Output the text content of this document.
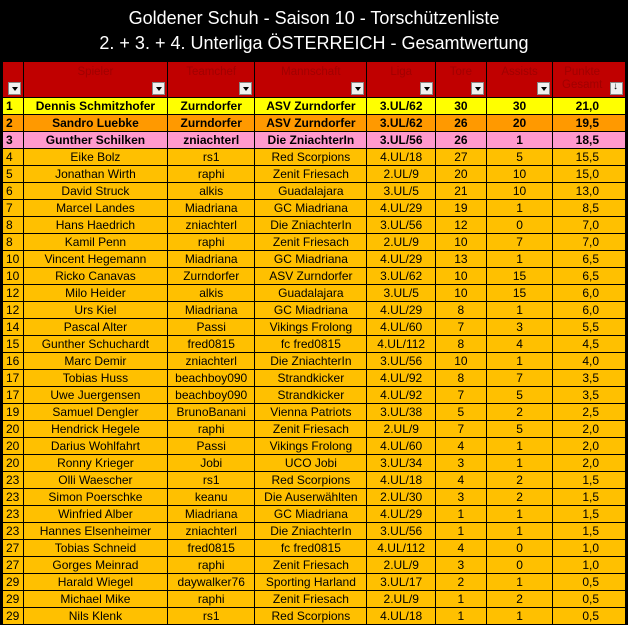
Goldener Schuh - Saison 10 - Torschützenliste
2. + 3. + 4. Unterliga ÖSTERREICH - Gesamtwertung

	Spieler	Teamchef	Mannschaft	Liga	Tore	Assists	Punkte Gesamt
↓

1	Dennis Schmitzhofer	Zurndorfer	ASV Zurndorfer	3.UL/62	30	30	21,0
2	Sandro Luebke	Zurndorfer	ASV Zurndorfer	3.UL/62	26	20	19,5
3	Gunther Schilken	zniachterl	Die ZniachterIn	3.UL/56	26	1	18,5
4	Eike Bolz	rs1	Red Scorpions	4.UL/18	27	5	15,5
5	Jonathan Wirth	raphi	Zenit Friesach	2.UL/9	20	10	15,0
6	David Struck	alkis	Guadalajara	3.UL/5	21	10	13,0
7	Marcel Landes	Miadriana	GC Miadriana	4.UL/29	19	1	8,5
8	Hans Haedrich	zniachterl	Die ZniachterIn	3.UL/56	12	0	7,0
8	Kamil Penn	raphi	Zenit Friesach	2.UL/9	10	7	7,0
10	Vincent Hegemann	Miadriana	GC Miadriana	4.UL/29	13	1	6,5
10	Ricko Canavas	Zurndorfer	ASV Zurndorfer	3.UL/62	10	15	6,5
12	Milo Heider	alkis	Guadalajara	3.UL/5	10	15	6,0
12	Urs Kiel	Miadriana	GC Miadriana	4.UL/29	8	1	6,0
14	Pascal Alter	Passi	Vikings Frolong	4.UL/60	7	3	5,5
15	Gunther Schuchardt	fred0815	fc fred0815	4.UL/112	8	4	4,5
16	Marc Demir	zniachterl	Die ZniachterIn	3.UL/56	10	1	4,0
17	Tobias Huss	beachboy090	Strandkicker	4.UL/92	8	7	3,5
17	Uwe Juergensen	beachboy090	Strandkicker	4.UL/92	7	5	3,5
19	Samuel Dengler	BrunoBanani	Vienna Patriots	3.UL/38	5	2	2,5
20	Hendrick Hegele	raphi	Zenit Friesach	2.UL/9	7	5	2,0
20	Darius Wohlfahrt	Passi	Vikings Frolong	4.UL/60	4	1	2,0
20	Ronny Krieger	Jobi	UCO Jobi	3.UL/34	3	1	2,0
23	Olli Waescher	rs1	Red Scorpions	4.UL/18	4	2	1,5
23	Simon Poerschke	keanu	Die Auserwählten	2.UL/30	3	2	1,5
23	Winfried Alber	Miadriana	GC Miadriana	4.UL/29	1	1	1,5
23	Hannes Elsenheimer	zniachterl	Die ZniachterIn	3.UL/56	1	1	1,5
27	Tobias Schneid	fred0815	fc fred0815	4.UL/112	4	0	1,0
27	Gorges Meinrad	raphi	Zenit Friesach	2.UL/9	3	0	1,0
29	Harald Wiegel	daywalker76	Sporting Harland	3.UL/17	2	1	0,5
29	Michael Mike	raphi	Zenit Friesach	2.UL/9	1	2	0,5
29	Nils Klenk	rs1	Red Scorpions	4.UL/18	1	1	0,5
